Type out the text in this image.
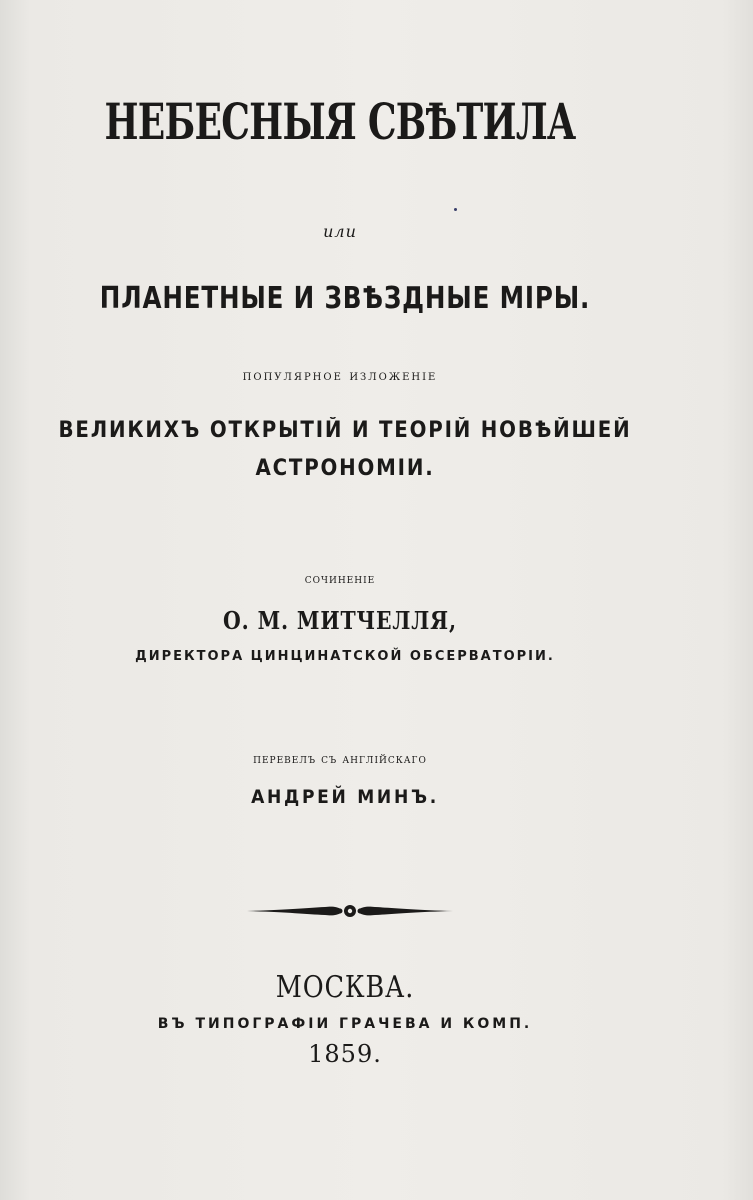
НЕБЕСНЫЯ СВѢТИЛА
или
ПЛАНЕТНЫЕ И ЗВѢЗДНЫЕ МІРЫ.
популярное изложеніе
ВЕЛИКИХЪ ОТКРЫТІЙ И ТЕОРІЙ НОВѢЙШЕЙ
АСТРОНОМІИ.
сочиненіе
О. М. МИТЧЕЛЛЯ,
ДИРЕКТОРА ЦИНЦИНАТСКОЙ ОБСЕРВАТОРІИ.
перевелъ съ англійскаго
АНДРЕЙ МИНЪ.
МОСКВА.
ВЪ ТИПОГРАФІИ ГРАЧЕВА И КОМП.
1859.
